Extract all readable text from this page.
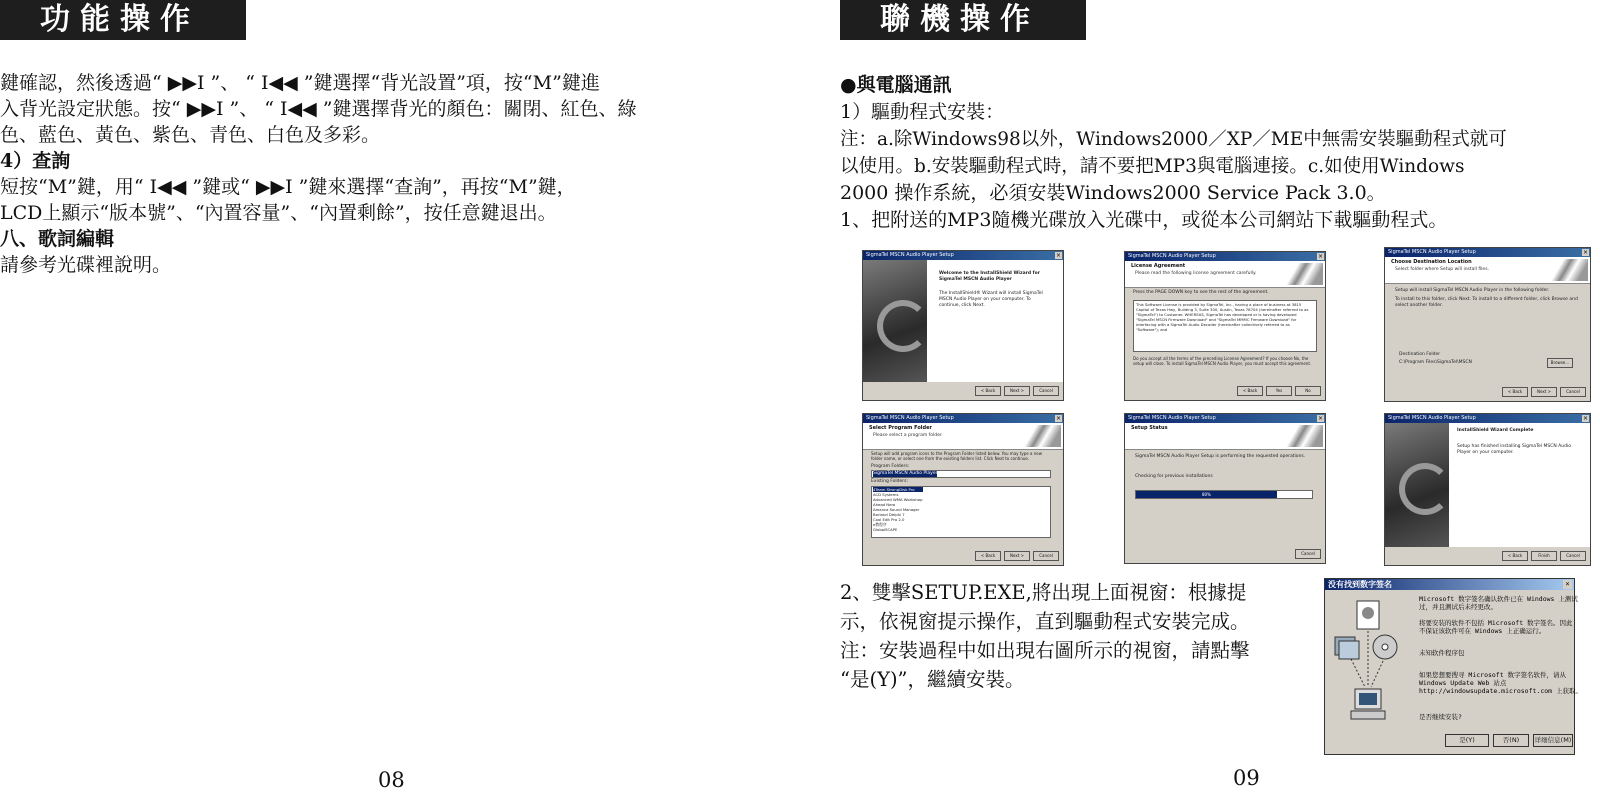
功能操作
鍵確認，然後透過“ ▶▶I ”、 “ I◀◀ ”鍵選擇“背光設置”項，按“M”鍵進
入背光設定狀態。按“ ▶▶I ”、 “ I◀◀ ”鍵選擇背光的顏色：關閉、紅色、綠
色、藍色、黃色、紫色、青色、白色及多彩。
4）查詢
短按“M”鍵，用“ I◀◀ ”鍵或“ ▶▶I ”鍵來選擇“查詢”，再按“M”鍵，
LCD上顯示“版本號”、“內置容量”、“內置剩餘”，按任意鍵退出。
八、歌詞編輯
請參考光碟裡說明。
08
聯機操作
●與電腦通訊
1）驅動程式安裝：
注：a.除Windows98以外，Windows2000／XP／ME中無需安裝驅動程式就可
以使用。b.安裝驅動程式時，請不要把MP3與電腦連接。c.如使用Windows
2000 操作系統，必須安裝Windows2000 Service Pack 3.0。
1、把附送的MP3隨機光碟放入光碟中，或從本公司網站下載驅動程式。
SigmaTel MSCN Audio Player Setup	×
Welcome to the InstallShield Wizard for SigmaTel MSCN Audio Player
The InstallShield® Wizard will install SigmaTel MSCN Audio Player on your computer. To continue, click Next.
< Back	Next >	Cancel
SigmaTel MSCN Audio Player Setup	×
License Agreement
Please read the following license agreement carefully.
Press the PAGE DOWN key to see the rest of the agreement.
This Software License is provided by SigmaTel, Inc., having a place of business at 3815 Capital of Texas Hwy, Building 3, Suite 300, Austin, Texas 78704 (hereinafter referred to as "SigmaTel") to Customer. WHEREAS, SigmaTel has developed or is having developed "SigmaTel MSCN Firmware Download" and "SigmaTel MMMC Firmware Download" for interfacing with a SigmaTel Audio Decoder (hereinafter collectively referred to as "Software"); and
Do you accept all the terms of the preceding License Agreement? If you choose No, the setup will close. To install SigmaTel MSCN Audio Player, you must accept this agreement.
< Back	Yes	No
SigmaTel MSCN Audio Player Setup	×
Choose Destination Location
Select folder where Setup will install files.
Setup will install SigmaTel MSCN Audio Player in the following folder.
To install to this folder, click Next. To install to a different folder, click Browse and select another folder.
Destination Folder
C:\Program Files\SigmaTel\MSCN	Browse...
< Back	Next >	Cancel
SigmaTel MSCN Audio Player Setup	×
Select Program Folder
Please select a program folder.
Setup will add program icons to the Program Folder listed below. You may type a new folder name, or select one from the existing folders list. Click Next to continue.
Program Folders:
SigmaTel MSCN Audio Player
Existing Folders:
4Team StrongDisk Pro
ACD Systems
Advanced WMA Workshop
Ahead Nero
Amanca Sound Manager
Borland Delphi 7
Cool Edit Pro 2.0
e教程序
GlobalSCAPE
< Back	Next >	Cancel
SigmaTel MSCN Audio Player Setup	×
Setup Status
SigmaTel MSCN Audio Player Setup is performing the requested operations.
Checking for previous installations
80%
Cancel
SigmaTel MSCN Audio Player Setup	×
InstallShield Wizard Complete
Setup has finished installing SigmaTel MSCN Audio Player on your computer.
< Back	Finish	Cancel
2、雙擊SETUP.EXE,將出現上面視窗：根據提
示，依視窗提示操作，直到驅動程式安裝完成。
注：安裝過程中如出現右圖所示的視窗，請點擊
“是(Y)”，繼續安裝。
没有找到数字签名	×
Microsoft 数字签名确认软件已在 Windows 上测试
过，并且测试后未经更改。
将要安装的软件不包括 Microsoft 数字签名。因此
不保证该软件可在 Windows 上正确运行。
未知软件程序包
如果您想要搜寻 Microsoft 数字签名软件，请从
Windows Update Web 站点
http://windowsupdate.microsoft.com 上获取。
是否继续安装?
是(Y)	否(N)	详细信息(M)
09
